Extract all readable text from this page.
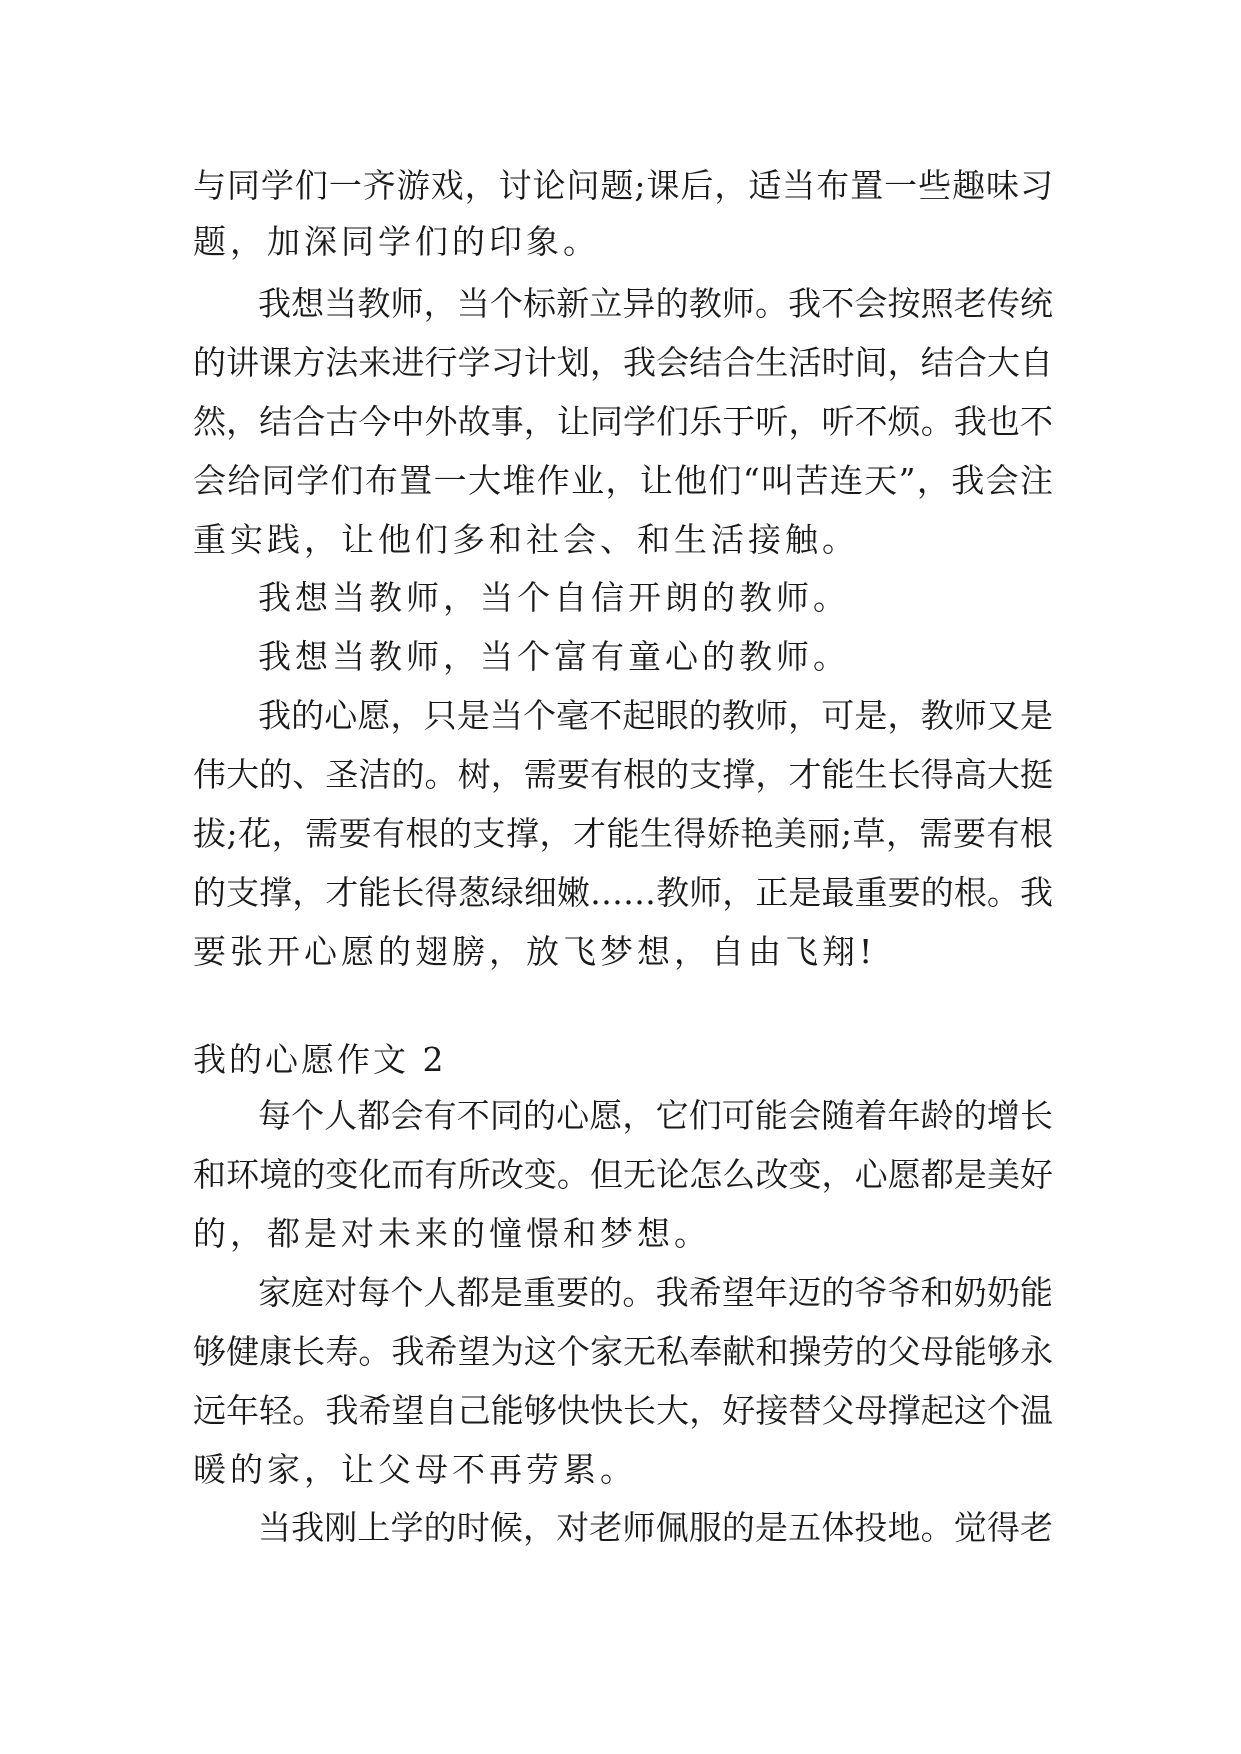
与同学们一齐游戏，讨论问题;课后，适当布置一些趣味习
题，加深同学们的印象。
我想当教师，当个标新立异的教师。我不会按照老传统
的讲课方法来进行学习计划，我会结合生活时间，结合大自
然，结合古今中外故事，让同学们乐于听，听不烦。我也不
会给同学们布置一大堆作业，让他们“叫苦连天”，我会注
重实践，让他们多和社会、和生活接触。
我想当教师，当个自信开朗的教师。
我想当教师，当个富有童心的教师。
我的心愿，只是当个毫不起眼的教师，可是，教师又是
伟大的、圣洁的。树，需要有根的支撑，才能生长得高大挺
拔;花，需要有根的支撑，才能生得娇艳美丽;草，需要有根
的支撑，才能长得葱绿细嫩……教师，正是最重要的根。我
要张开心愿的翅膀，放飞梦想，自由飞翔!
我的心愿作文 2
每个人都会有不同的心愿，它们可能会随着年龄的增长
和环境的变化而有所改变。但无论怎么改变，心愿都是美好
的，都是对未来的憧憬和梦想。
家庭对每个人都是重要的。我希望年迈的爷爷和奶奶能
够健康长寿。我希望为这个家无私奉献和操劳的父母能够永
远年轻。我希望自己能够快快长大，好接替父母撑起这个温
暖的家，让父母不再劳累。
当我刚上学的时候，对老师佩服的是五体投地。觉得老
